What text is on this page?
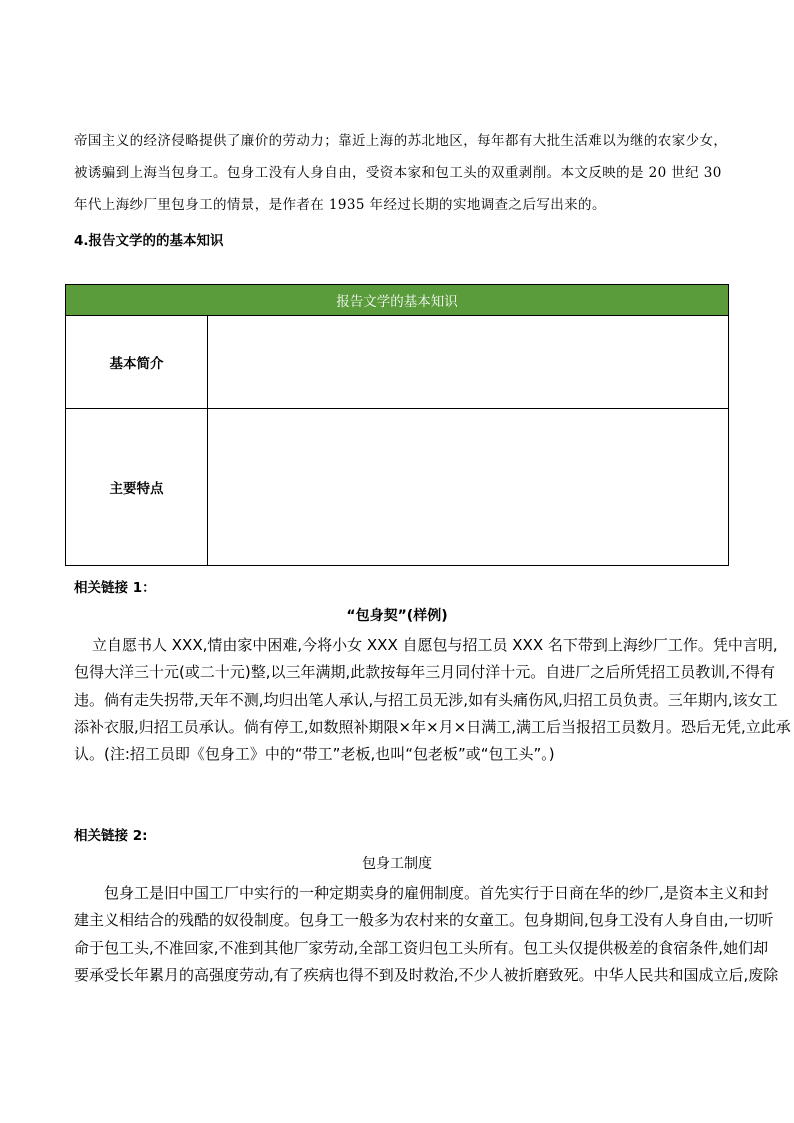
帝国主义的经济侵略提供了廉价的劳动力；靠近上海的苏北地区，每年都有大批生活难以为继的农家少女，
被诱骗到上海当包身工。包身工没有人身自由，受资本家和包工头的双重剥削。本文反映的是 20 世纪 30
年代上海纱厂里包身工的情景，是作者在 1935 年经过长期的实地调查之后写出来的。
4.报告文学的的基本知识
报告文学的基本知识	
基本简介	
主要特点	
相关链接 1：
“包身契”(样例)
立自愿书人 XXX,情由家中困难,今将小女 XXX 自愿包与招工员 XXX 名下带到上海纱厂工作。凭中言明,
包得大洋三十元(或二十元)整,以三年满期,此款按每年三月同付洋十元。自进厂之后所凭招工员教训,不得有
违。倘有走失拐带,天年不测,均归出笔人承认,与招工员无涉,如有头痛伤风,归招工员负责。三年期内,该女工
添补衣服,归招工员承认。倘有停工,如数照补期限×年×月×日满工,满工后当报招工员数月。恐后无凭,立此承
认。(注:招工员即《包身工》中的“带工”老板,也叫“包老板”或“包工头”。)
相关链接 2:
包身工制度
包身工是旧中国工厂中实行的一种定期卖身的雇佣制度。首先实行于日商在华的纱厂,是资本主义和封
建主义相结合的残酷的奴役制度。包身工一般多为农村来的女童工。包身期间,包身工没有人身自由,一切听
命于包工头,不准回家,不准到其他厂家劳动,全部工资归包工头所有。包工头仅提供极差的食宿条件,她们却
要承受长年累月的高强度劳动,有了疾病也得不到及时救治,不少人被折磨致死。中华人民共和国成立后,废除
